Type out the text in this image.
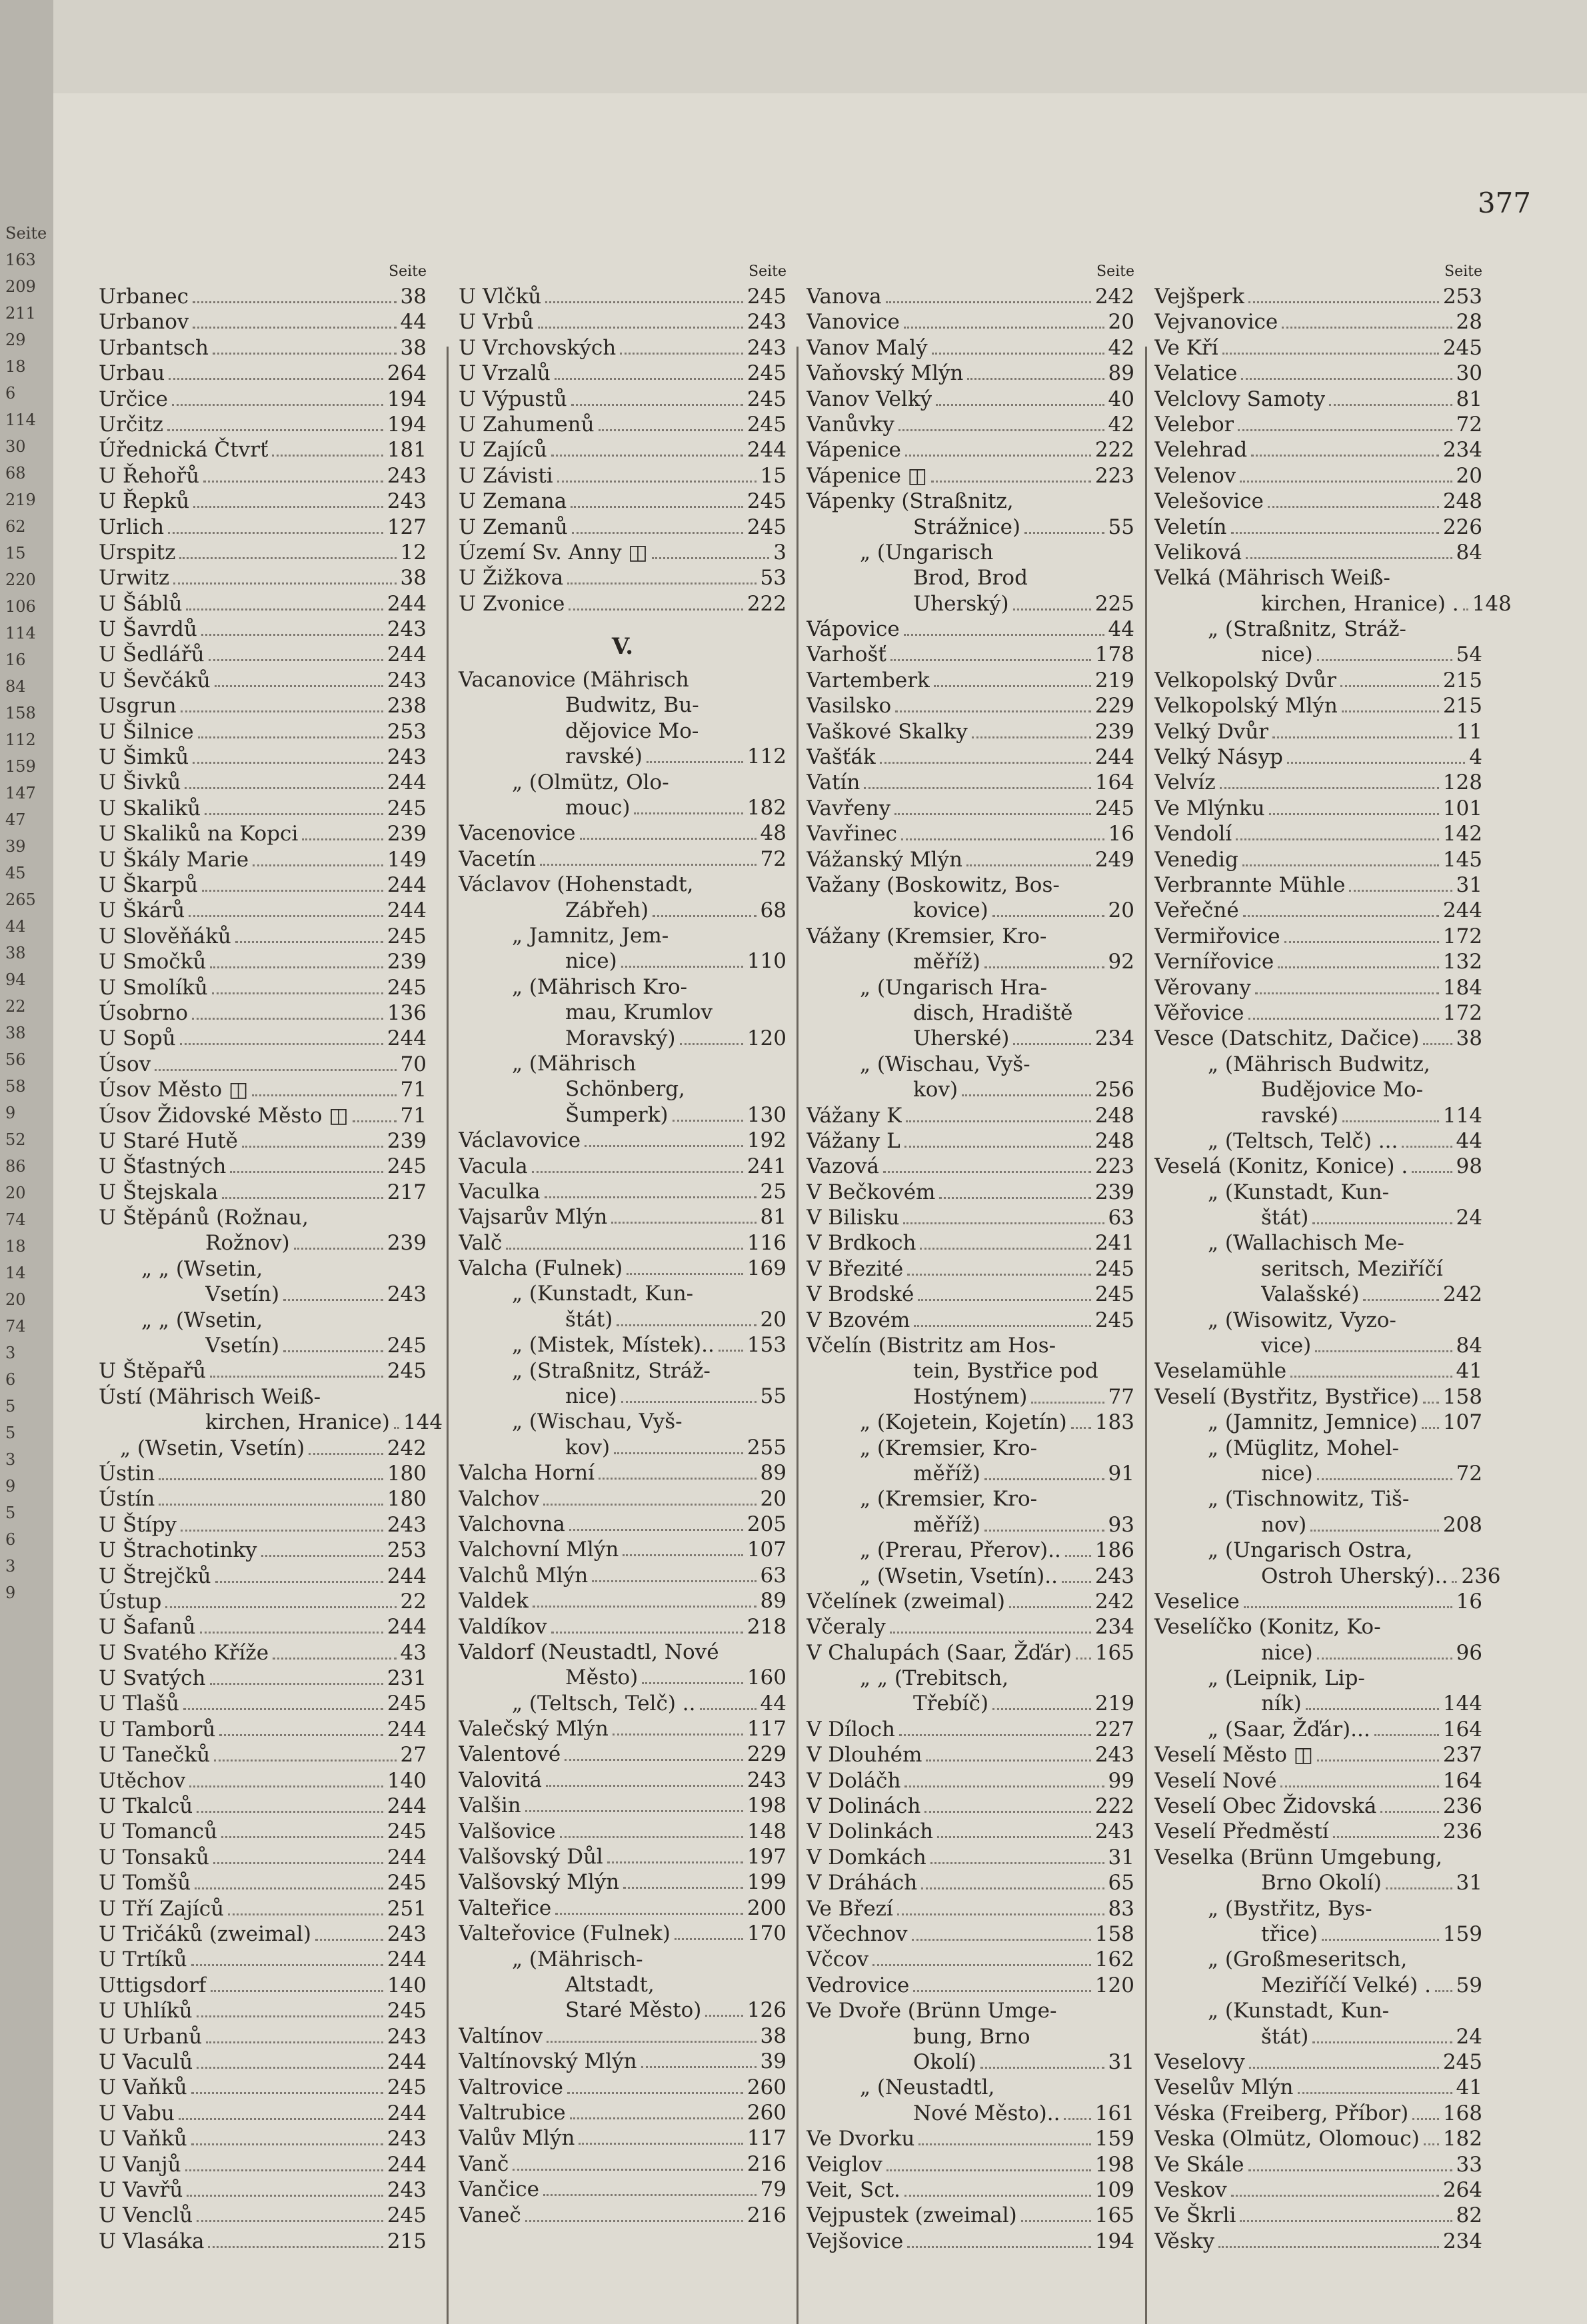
Seite
163
209
211
29
18
6
114
30
68
219
62
15
220
106
114
16
84
158
112
159
147
47
39
45
265
44
38
94
22
38
56
58
9
52
86
20
74
18
14
20
74
3
6
5
5
3
9
5
6
3
9
377
Seite
Urbanec	38
Urbanov	44
Urbantsch	38
Urbau	264
Určice	194
Určitz	194
Úřednická Čtvrť	181
U Řehořů	243
U Řepků	243
Urlich	127
Urspitz	12
Urwitz	38
U Šáblů	244
U Šavrdů	243
U Šedlářů	244
U Ševčáků	243
Usgrun	238
U Šilnice	253
U Šimků	243
U Šivků	244
U Skaliků	245
U Skaliků na Kopci	239
U Škály Marie	149
U Škarpů	244
U Škárů	244
U Slověňáků	245
U Smočků	239
U Smolíků	245
Úsobrno	136
U Sopů	244
Úsov	70
Úsov Město ◫	71
Úsov Židovské Město ◫	71
U Staré Hutě	239
U Šťastných	245
U Štejskala	217
U Štěpánů (Rožnau,
Rožnov)	239
„ „ (Wsetin,
Vsetín)	243
„ „ (Wsetin,
Vsetín)	245
U Štěpařů	245
Ústí (Mährisch Weiß-
kirchen, Hranice) 144
„ (Wsetin, Vsetín)	242
Ústin	180
Ústín	180
U Štípy	243
U Štrachotinky	253
U Štrejčků	244
Ústup	22
U Šafanů	244
U Svatého Kříže	43
U Svatých	231
U Tlašů	245
U Tamborů	244
U Tanečků	27
Utěchov	140
U Tkalců	244
U Tomanců	245
U Tonsaků	244
U Tomšů	245
U Tří Zajíců	251
U Tričáků (zweimal)	243
U Trtíků	244
Uttigsdorf	140
U Uhlíků	245
U Urbanů	243
U Vaculů	244
U Vaňků	245
U Vabu	244
U Vaňků	243
U Vanjů	244
U Vavřů	243
U Venclů	245
U Vlasáka	215
Seite
U Vlčků	245
U Vrbů	243
U Vrchovských	243
U Vrzalů	245
U Výpustů	245
U Zahumenů	245
U Zajíců	244
U Závisti	15
U Zemana	245
U Zemanů	245
Území Sv. Anny ◫	3
U Žižkova	53
U Zvonice	222
V.
Vacanovice (Mährisch
Budwitz, Bu-
dějovice Mo-
ravské)	112
„ (Olmütz, Olo-
mouc)	182
Vacenovice	48
Vacetín	72
Václavov (Hohenstadt,
Zábřeh)	68
„ Jamnitz, Jem-
nice)	110
„ (Mährisch Kro-
mau, Krumlov
Moravský)	120
„ (Mährisch
Schönberg,
Šumperk)	130
Václavovice	192
Vacula	241
Vaculka	25
Vajsarův Mlýn	81
Valč	116
Valcha (Fulnek)	169
„ (Kunstadt, Kun-
štát)	20
„ (Mistek, Místek).. 153
„ (Straßnitz, Stráž-
nice)	55
„ (Wischau, Vyš-
kov)	255
Valcha Horní	89
Valchov	20
Valchovna	205
Valchovní Mlýn	107
Valchů Mlýn	63
Valdek	89
Valdíkov	218
Valdorf (Neustadtl, Nové
Město)	160
„ (Teltsch, Telč) ..	44
Valečský Mlýn	117
Valentové	229
Valovitá	243
Valšin	198
Valšovice	148
Valšovský Důl	197
Valšovský Mlýn	199
Valteřice	200
Valteřovice (Fulnek)	170
„ (Mährisch-
Altstadt,
Staré Město) 126
Valtínov	38
Valtínovský Mlýn	39
Valtrovice	260
Valtrubice	260
Valův Mlýn	117
Vanč	216
Vančice	79
Vaneč	216
Seite
Vanova	242
Vanovice	20
Vanov Malý	42
Vaňovský Mlýn	89
Vanov Velký	40
Vanůvky	42
Vápenice	222
Vápenice ◫	223
Vápenky (Straßnitz,
Strážnice)	55
„ (Ungarisch
Brod, Brod
Uherský)	225
Vápovice	44
Varhošť	178
Vartemberk	219
Vasilsko	229
Vaškové Skalky	239
Vašťák	244
Vatín	164
Vavřeny	245
Vavřinec	16
Vážanský Mlýn	249
Važany (Boskowitz, Bos-
kovice)	20
Vážany (Kremsier, Kro-
měříž)	92
„ (Ungarisch Hra-
disch, Hradiště
Uherské)	234
„ (Wischau, Vyš-
kov)	256
Vážany K	248
Vážany L	248
Vazová	223
V Bečkovém	239
V Bilisku	63
V Brdkoch	241
V Březité	245
V Brodské	245
V Bzovém	245
Včelín (Bistritz am Hos-
tein, Bystřice pod
Hostýnem)	77
„ (Kojetein, Kojetín) 183
„ (Kremsier, Kro-
měříž)	91
„ (Kremsier, Kro-
měříž)	93
„ (Prerau, Přerov).. 186
„ (Wsetin, Vsetín).. 243
Včelínek (zweimal)	242
Včeraly	234
V Chalupách (Saar, Žďár) 165
„ „ (Trebitsch,
Třebíč)	219
V Díloch	227
V Dlouhém	243
V Doláčh	99
V Dolinách	222
V Dolinkách	243
V Domkách	31
V Dráhách	65
Ve Březí	83
Včechnov	158
Včcov	162
Vedrovice	120
Ve Dvoře (Brünn Umge-
bung, Brno
Okolí)	31
„ (Neustadtl,
Nové Město).. 161
Ve Dvorku	159
Veiglov	198
Veit, Sct.	109
Vejpustek (zweimal)	165
Vejšovice	194
Seite
Vejšperk	253
Vejvanovice	28
Ve Kří	245
Velatice	30
Velclovy Samoty	81
Velebor	72
Velehrad	234
Velenov	20
Velešovice	248
Veletín	226
Veliková	84
Velká (Mährisch Weiß-
kirchen, Hranice) . 148
„ (Straßnitz, Stráž-
nice)	54
Velkopolský Dvůr	215
Velkopolský Mlýn	215
Velký Dvůr	11
Velký Násyp	4
Velvíz	128
Ve Mlýnku	101
Vendolí	142
Venedig	145
Verbrannte Mühle	31
Veřečné	244
Vermiřovice	172
Vernířovice	132
Věrovany	184
Věřovice	172
Vesce (Datschitz, Dačice) 38
„ (Mährisch Budwitz,
Budějovice Mo-
ravské)	114
„ (Teltsch, Telč) ...	44
Veselá (Konitz, Konice) . 98
„ (Kunstadt, Kun-
štát)	24
„ (Wallachisch Me-
seritsch, Meziříčí
Valašské)	242
„ (Wisowitz, Vyzo-
vice)	84
Veselamühle	41
Veselí (Bystřitz, Bystřice) 158
„ (Jamnitz, Jemnice) 107
„ (Müglitz, Mohel-
nice)	72
„ (Tischnowitz, Tiš-
nov)	208
„ (Ungarisch Ostra,
Ostroh Uherský).. 236
Veselice	16
Veselíčko (Konitz, Ko-
nice)	96
„ (Leipnik, Lip-
ník)	144
„ (Saar, Žďár)...	164
Veselí Město ◫	237
Veselí Nové	164
Veselí Obec Židovská	236
Veselí Předměstí	236
Veselka (Brünn Umgebung,
Brno Okolí)	31
„ (Bystřitz, Bys-
třice)	159
„ (Großmeseritsch,
Meziříčí Velké) . 59
„ (Kunstadt, Kun-
štát)	24
Veselovy	245
Veselův Mlýn	41
Véska (Freiberg, Příbor) 168
Veska (Olmütz, Olomouc) 182
Ve Skále	33
Veskov	264
Ve Škrli	82
Věsky	234
